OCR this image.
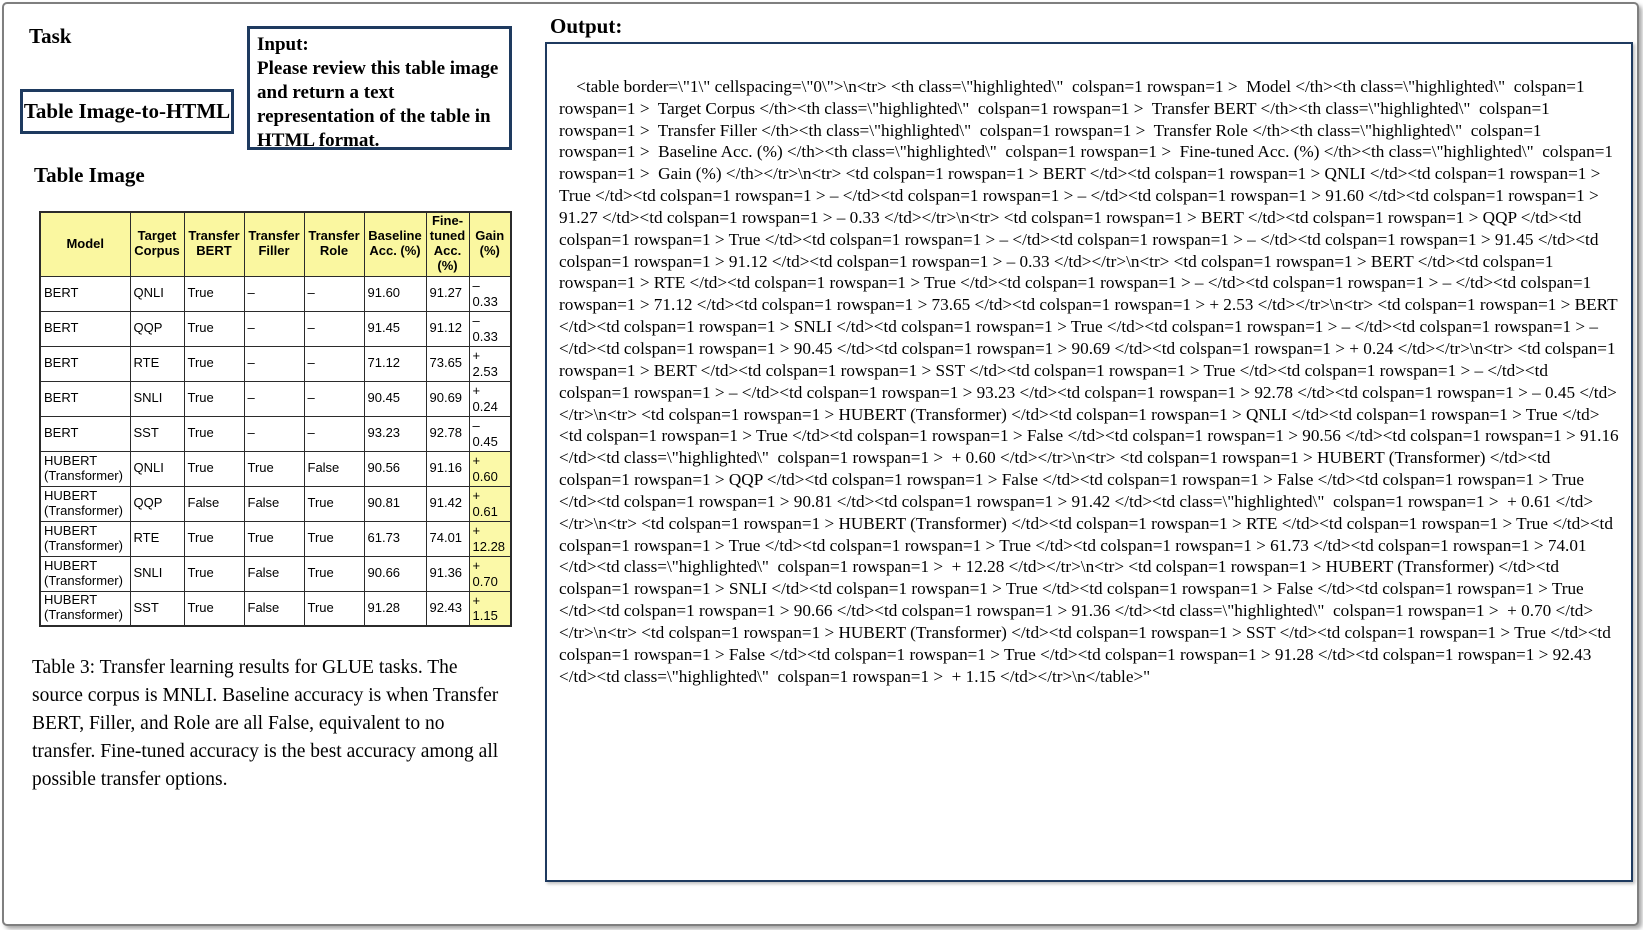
Task
Table Image-to-HTML
Input:
Please review this table image and return a text representation of the table in HTML format.
Table Image
Model	Target Corpus	Transfer BERT	Transfer Filler	Transfer Role	Baseline Acc. (%)	Fine-tuned Acc. (%)	Gain (%)
BERT	QNLI	True	–	–	91.60	91.27	–
0.33

BERT	QQP	True	–	–	91.45	91.12	–
0.33

BERT	RTE	True	–	–	71.12	73.65	+
2.53

BERT	SNLI	True	–	–	90.45	90.69	+
0.24

BERT	SST	True	–	–	93.23	92.78	–
0.45

HUBERT (Transformer)	QNLI	True	True	False	90.56	91.16	+
0.60

HUBERT (Transformer)	QQP	False	False	True	90.81	91.42	+
0.61

HUBERT (Transformer)	RTE	True	True	True	61.73	74.01	+
12.28

HUBERT (Transformer)	SNLI	True	False	True	90.66	91.36	+
0.70

HUBERT (Transformer)	SST	True	False	True	91.28	92.43	+
1.15
Table 3: Transfer learning results for GLUE tasks. The source corpus is MNLI. Baseline accuracy is when Transfer BERT, Filler, and Role are all False, equivalent to no transfer. Fine-tuned accuracy is the best accuracy among all possible transfer options.
Output:

<table border=\"1\" cellspacing=\"0\">\n<tr> <th class=\"highlighted\"  colspan=1 rowspan=1 >  Model </th><th class=\"highlighted\"  colspan=1 rowspan=1 >  Target Corpus </th><th class=\"highlighted\"  colspan=1 rowspan=1 >  Transfer BERT </th><th class=\"highlighted\"  colspan=1 rowspan=1 >  Transfer Filler </th><th class=\"highlighted\"  colspan=1 rowspan=1 >  Transfer Role </th><th class=\"highlighted\"  colspan=1 rowspan=1 >  Baseline Acc. (%) </th><th class=\"highlighted\"  colspan=1 rowspan=1 >  Fine-tuned Acc. (%) </th><th class=\"highlighted\"  colspan=1 rowspan=1 >  Gain (%) </th></tr>\n<tr> <td colspan=1 rowspan=1 > BERT </td><td colspan=1 rowspan=1 > QNLI </td><td colspan=1 rowspan=1 > True </td><td colspan=1 rowspan=1 > – </td><td colspan=1 rowspan=1 > – </td><td colspan=1 rowspan=1 > 91.60 </td><td colspan=1 rowspan=1 > 91.27 </td><td colspan=1 rowspan=1 > – 0.33 </td></tr>\n<tr> <td colspan=1 rowspan=1 > BERT </td><td colspan=1 rowspan=1 > QQP </td><td colspan=1 rowspan=1 > True </td><td colspan=1 rowspan=1 > – </td><td colspan=1 rowspan=1 > – </td><td colspan=1 rowspan=1 > 91.45 </td><td colspan=1 rowspan=1 > 91.12 </td><td colspan=1 rowspan=1 > – 0.33 </td></tr>\n<tr> <td colspan=1 rowspan=1 > BERT </td><td colspan=1 rowspan=1 > RTE </td><td colspan=1 rowspan=1 > True </td><td colspan=1 rowspan=1 > – </td><td colspan=1 rowspan=1 > – </td><td colspan=1 rowspan=1 > 71.12 </td><td colspan=1 rowspan=1 > 73.65 </td><td colspan=1 rowspan=1 > + 2.53 </td></tr>\n<tr> <td colspan=1 rowspan=1 > BERT </td><td colspan=1 rowspan=1 > SNLI </td><td colspan=1 rowspan=1 > True </td><td colspan=1 rowspan=1 > – </td><td colspan=1 rowspan=1 > – </td><td colspan=1 rowspan=1 > 90.45 </td><td colspan=1 rowspan=1 > 90.69 </td><td colspan=1 rowspan=1 > + 0.24 </td></tr>\n<tr> <td colspan=1 rowspan=1 > BERT </td><td colspan=1 rowspan=1 > SST </td><td colspan=1 rowspan=1 > True </td><td colspan=1 rowspan=1 > – </td><td colspan=1 rowspan=1 > – </td><td colspan=1 rowspan=1 > 93.23 </td><td colspan=1 rowspan=1 > 92.78 </td><td colspan=1 rowspan=1 > – 0.45 </td></tr>\n<tr> <td colspan=1 rowspan=1 > HUBERT (Transformer) </td><td colspan=1 rowspan=1 > QNLI </td><td colspan=1 rowspan=1 > True </td><td colspan=1 rowspan=1 > True </td><td colspan=1 rowspan=1 > False </td><td colspan=1 rowspan=1 > 90.56 </td><td colspan=1 rowspan=1 > 91.16 </td><td class=\"highlighted\"  colspan=1 rowspan=1 >  + 0.60 </td></tr>\n<tr> <td colspan=1 rowspan=1 > HUBERT (Transformer) </td><td colspan=1 rowspan=1 > QQP </td><td colspan=1 rowspan=1 > False </td><td colspan=1 rowspan=1 > False </td><td colspan=1 rowspan=1 > True </td><td colspan=1 rowspan=1 > 90.81 </td><td colspan=1 rowspan=1 > 91.42 </td><td class=\"highlighted\"  colspan=1 rowspan=1 >  + 0.61 </td></tr>\n<tr> <td colspan=1 rowspan=1 > HUBERT (Transformer) </td><td colspan=1 rowspan=1 > RTE </td><td colspan=1 rowspan=1 > True </td><td colspan=1 rowspan=1 > True </td><td colspan=1 rowspan=1 > True </td><td colspan=1 rowspan=1 > 61.73 </td><td colspan=1 rowspan=1 > 74.01 </td><td class=\"highlighted\"  colspan=1 rowspan=1 >  + 12.28 </td></tr>\n<tr> <td colspan=1 rowspan=1 > HUBERT (Transformer) </td><td colspan=1 rowspan=1 > SNLI </td><td colspan=1 rowspan=1 > True </td><td colspan=1 rowspan=1 > False </td><td colspan=1 rowspan=1 > True </td><td colspan=1 rowspan=1 > 90.66 </td><td colspan=1 rowspan=1 > 91.36 </td><td class=\"highlighted\"  colspan=1 rowspan=1 >  + 0.70 </td></tr>\n<tr> <td colspan=1 rowspan=1 > HUBERT (Transformer) </td><td colspan=1 rowspan=1 > SST </td><td colspan=1 rowspan=1 > True </td><td colspan=1 rowspan=1 > False </td><td colspan=1 rowspan=1 > True </td><td colspan=1 rowspan=1 > 91.28 </td><td colspan=1 rowspan=1 > 92.43 </td><td class=\"highlighted\"  colspan=1 rowspan=1 >  + 1.15 </td></tr>\n</table>"
